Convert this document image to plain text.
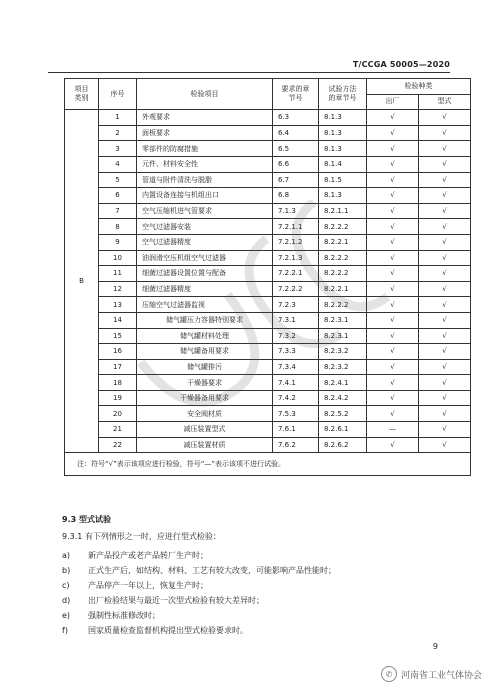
T/CCGA 50005—2020
项目
类别	序号	检验项目	要求的章
节号	试验方法
的章节号	检验种类	
					出厂	型式
B	1	外观要求	6.3	8.1.3	√	√
	2	面板要求	6.4	8.1.3	√	√
	3	零部件的防腐措施	6.5	8.1.3	√	√
	4	元件、材料安全性	6.6	8.1.4	√	√
	5	管道与附件清洗与脱脂	6.7	8.1.5	√	√
	6	内置设备连接与机组出口	6.8	8.1.3	√	√
	7	空气压缩机进气管要求	7.1.3	8.2.1.1	√	√
	8	空气过滤器安装	7.2.1.1	8.2.2.2	√	√
	9	空气过滤器精度	7.2.1.2	8.2.2.1	√	√
	10	油润滑空压机组空气过滤器	7.2.1.3	8.2.2.2	√	√
	11	细菌过滤器设置位置与配备	7.2.2.1	8.2.2.2	√	√
	12	细菌过滤器精度	7.2.2.2	8.2.2.1	√	√
	13	压缩空气过滤器监视	7.2.3	8.2.2.2	√	√
	14	储气罐压力容器特别要求	7.3.1	8.2.3.1	√	√
	15	储气罐材料处理	7.3.2	8.2.3.1	√	√
	16	储气罐备用要求	7.3.3	8.2.3.2	√	√
	17	储气罐排污	7.3.4	8.2.3.2	√	√
	18	干燥器要求	7.4.1	8.2.4.1	√	√
	19	干燥器备用要求	7.4.2	8.2.4.2	√	√
	20	安全阀材质	7.5.3	8.2.5.2	√	√
	21	减压装置型式	7.6.1	8.2.6.1	—	√
	22	减压装置材质	7.6.2	8.2.6.2	√	√
注：符号“√”表示该项应进行检验，符号“—”表示该项不进行试验。						
9.3 型式试验
9.3.1 有下列情形之一时，应进行型式检验：
a)	新产品投产或老产品转厂生产时；
b)	正式生产后，如结构、材料、工艺有较大改变，可能影响产品性能时；
c)	产品停产一年以上，恢复生产时；
d)	出厂检验结果与最近一次型式检验有较大差异时；
e)	强制性标准修改时；
f)	国家质量检查监督机构提出型式检验要求时。
9
✆ 河南省工业气体协会
